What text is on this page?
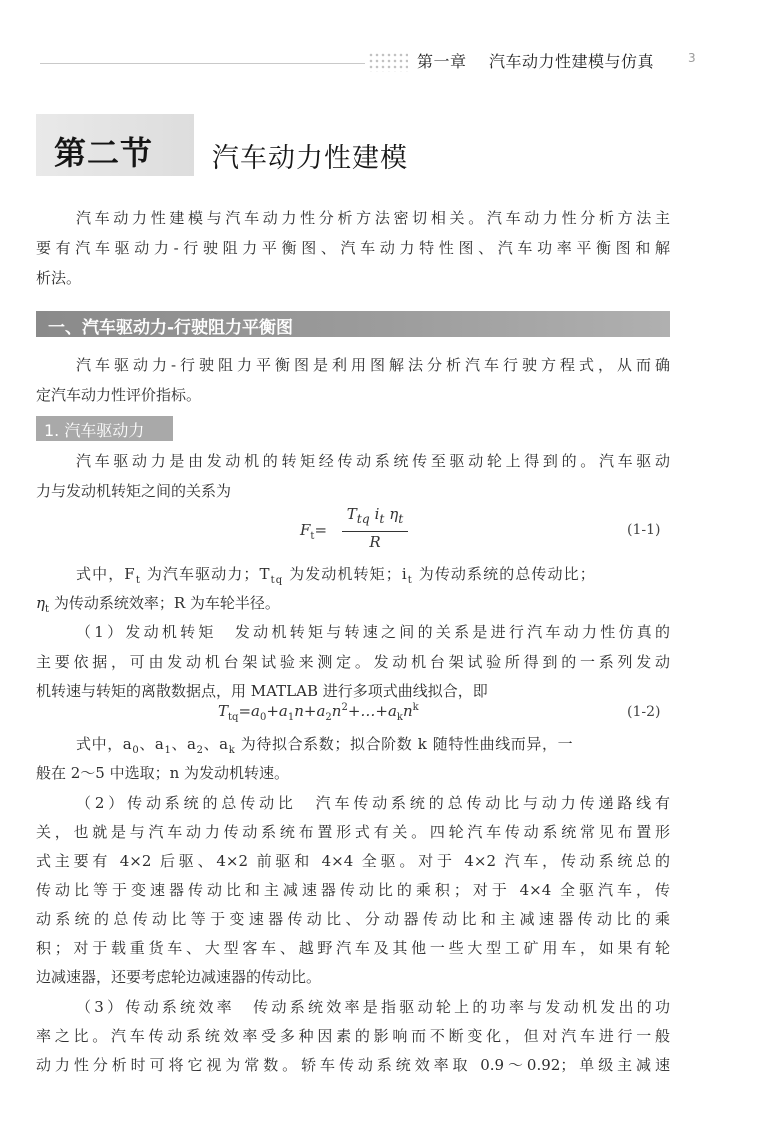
第一章 汽车动力性建模与仿真	3
第二节 汽车动力性建模
汽车动力性建模与汽车动力性分析方法密切相关。汽车动力性分析方法主
要有汽车驱动力-行驶阻力平衡图、汽车动力特性图、汽车功率平衡图和解
析法。
一、汽车驱动力-行驶阻力平衡图
汽车驱动力-行驶阻力平衡图是利用图解法分析汽车行驶方程式，从而确
定汽车动力性评价指标。
1. 汽车驱动力
汽车驱动力是由发动机的转矩经传动系统传至驱动轮上得到的。汽车驱动
力与发动机转矩之间的关系为
$F_t=$
$T_{tq}$ $i_t$ $\eta_t$
R
(1-1)
式中，$F_t$ 为汽车驱动力；$T_{tq}$ 为发动机转矩；$i_t$ 为传动系统的总传动比；
$\eta_t$ 为传动系统效率；R 为车轮半径。
（1）发动机转矩　发动机转矩与转速之间的关系是进行汽车动力性仿真的
主要依据，可由发动机台架试验来测定。发动机台架试验所得到的一系列发动
机转速与转矩的离散数据点，用 MATLAB 进行多项式曲线拟合，即
$T_{tq}=a_0+a_1n+a_2n^2+\dots+a_kn^k$	(1-2)
式中，$a_0$、$a_1$、$a_2$、$a_k$ 为待拟合系数；拟合阶数 k 随特性曲线而异，一
般在 2～5 中选取；n 为发动机转速。
（2）传动系统的总传动比　汽车传动系统的总传动比与动力传递路线有
关，也就是与汽车动力传动系统布置形式有关。四轮汽车传动系统常见布置形
式主要有 4×2 后驱、4×2 前驱和 4×4 全驱。对于 4×2 汽车，传动系统总的
传动比等于变速器传动比和主减速器传动比的乘积；对于 4×4 全驱汽车，传
动系统的总传动比等于变速器传动比、分动器传动比和主减速器传动比的乘
积；对于载重货车、大型客车、越野汽车及其他一些大型工矿用车，如果有轮
边减速器，还要考虑轮边减速器的传动比。
（3）传动系统效率　传动系统效率是指驱动轮上的功率与发动机发出的功
率之比。汽车传动系统效率受多种因素的影响而不断变化，但对汽车进行一般
动力性分析时可将它视为常数。轿车传动系统效率取 0.9～0.92；单级主减速
